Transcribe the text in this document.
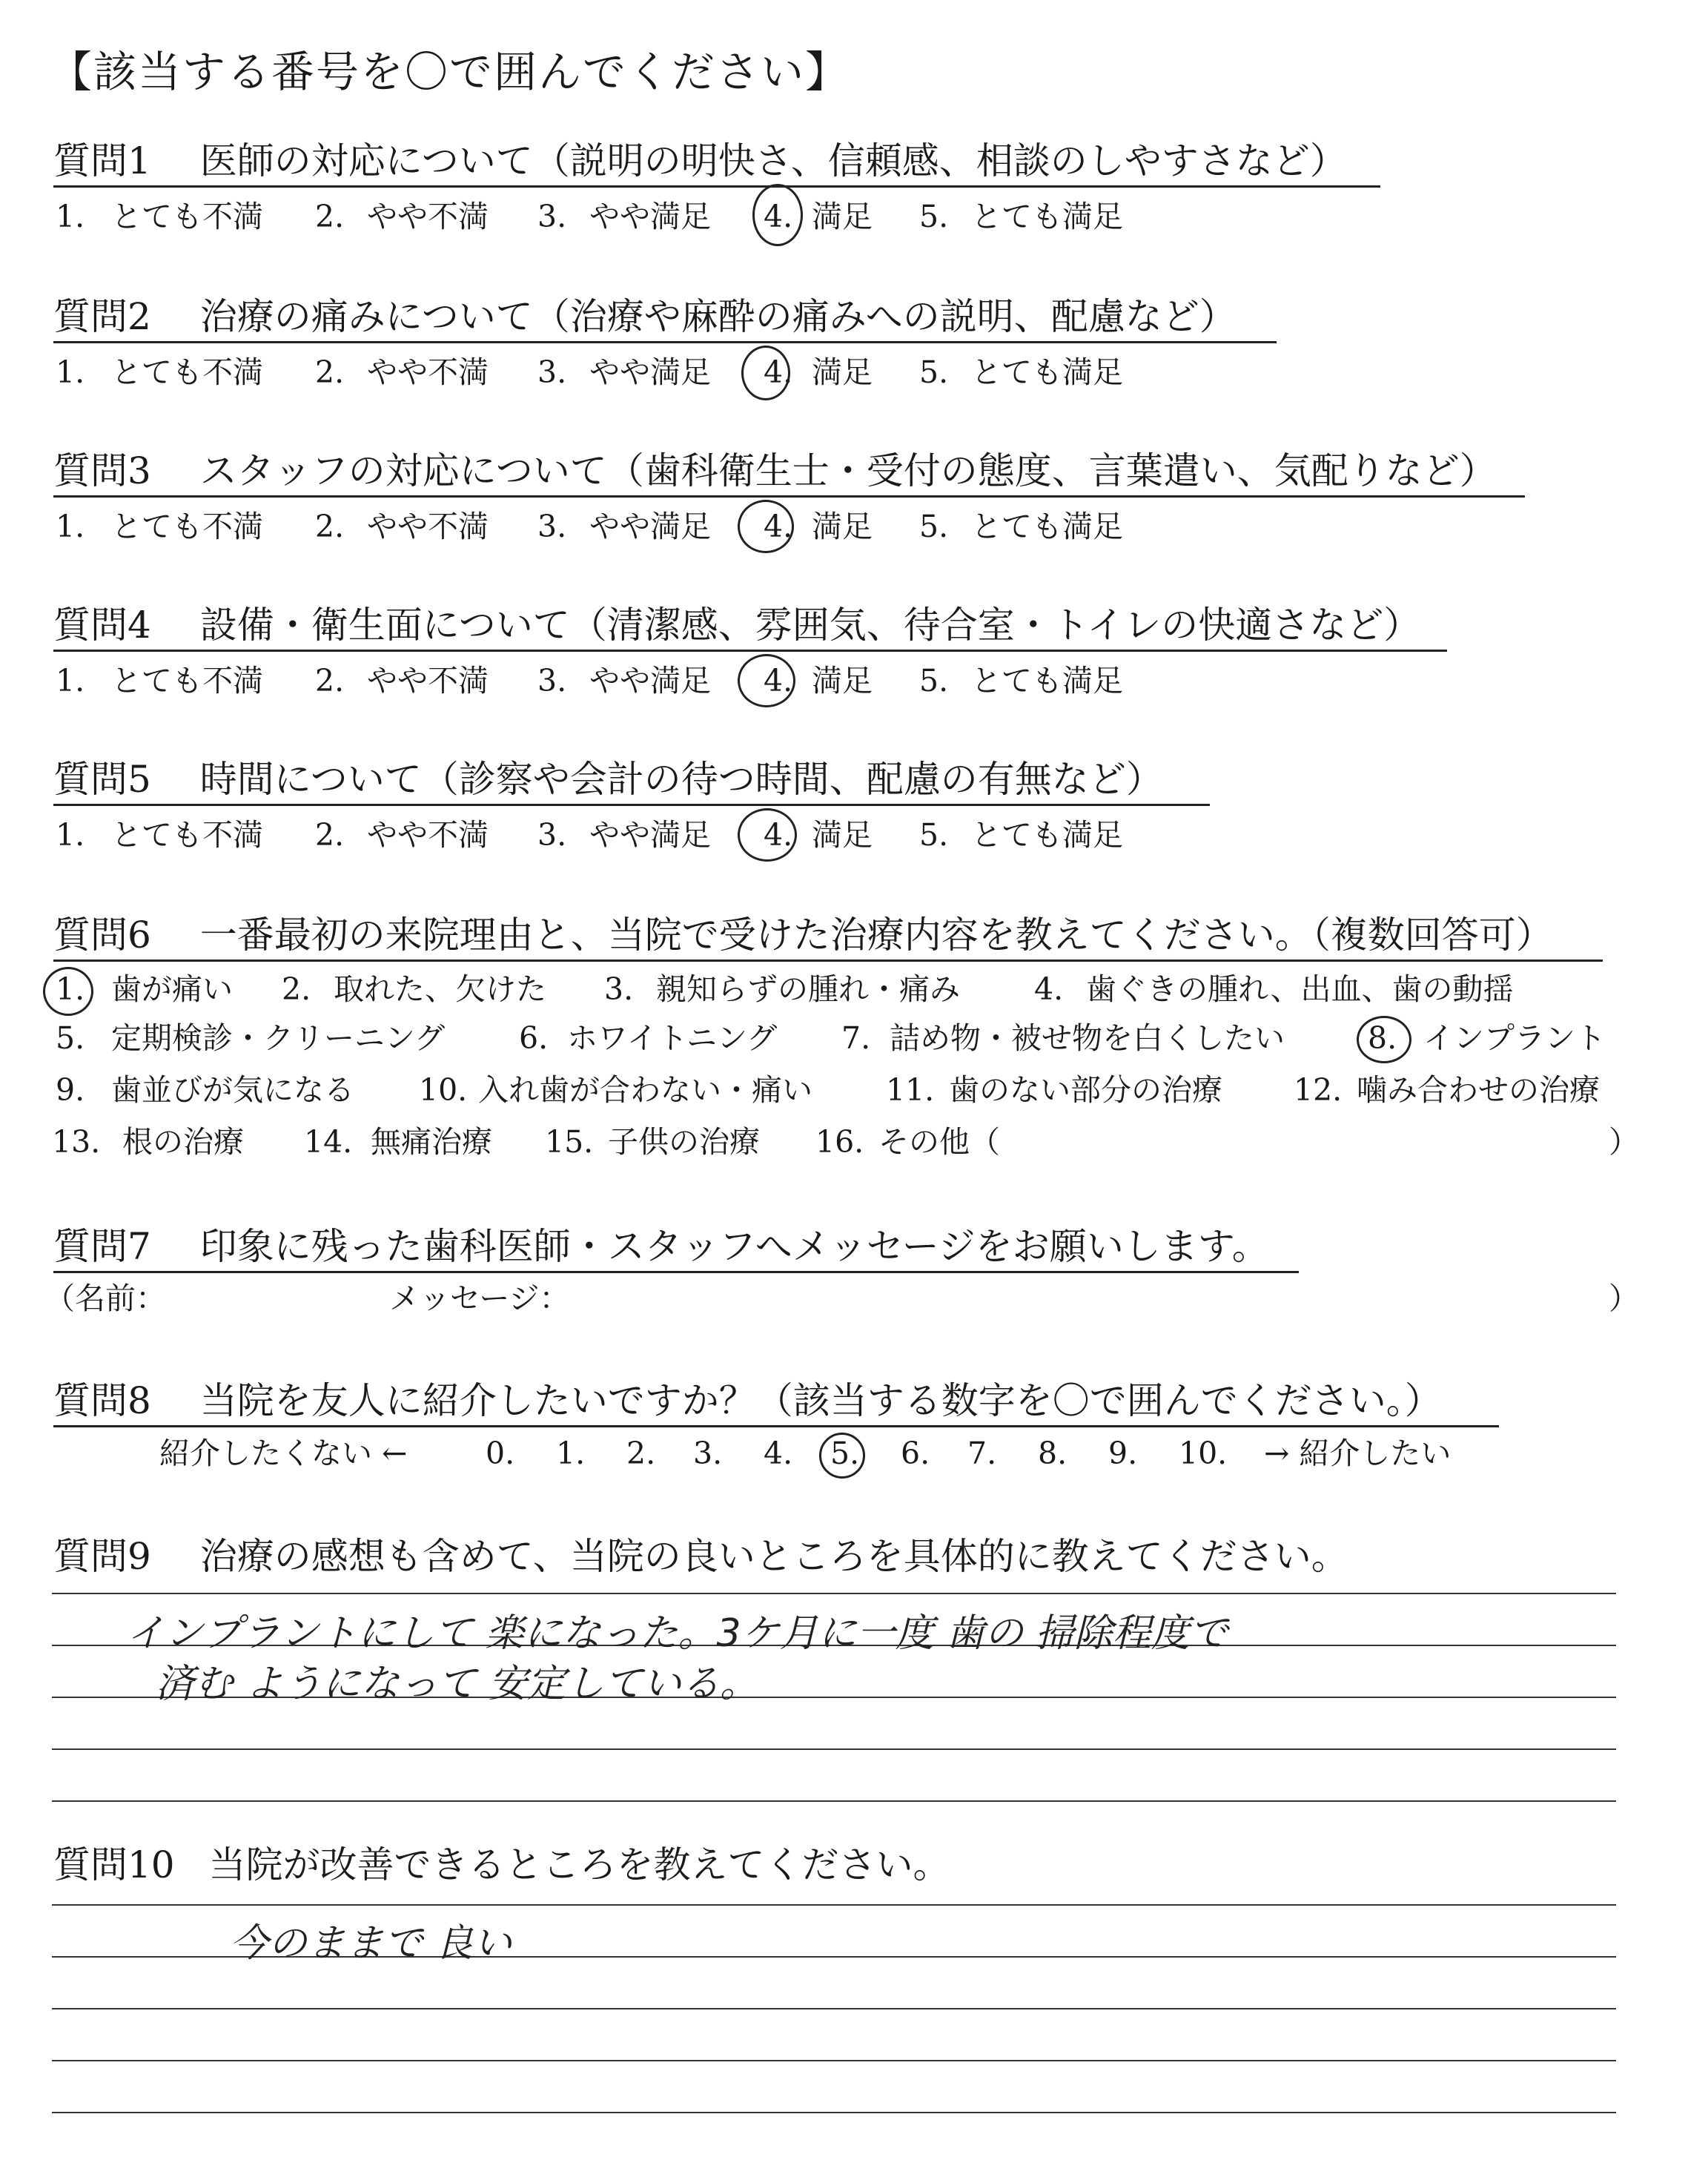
【該当する番号を〇で囲んでください】
質問1 医師の対応について（説明の明快さ、信頼感、相談のしやすさなど）
1. とても不満 2. やや不満 3. やや満足 4. 満足 5. とても満足
質問2 治療の痛みについて（治療や麻酔の痛みへの説明、配慮など）
1. とても不満 2. やや不満 3. やや満足 4. 満足 5. とても満足
質問3 スタッフの対応について（歯科衛生士・受付の態度、言葉遣い、気配りなど）
1. とても不満 2. やや不満 3. やや満足 4. 満足 5. とても満足
質問4 設備・衛生面について（清潔感、雰囲気、待合室・トイレの快適さなど）
1. とても不満 2. やや不満 3. やや満足 4. 満足 5. とても満足
質問5 時間について（診察や会計の待つ時間、配慮の有無など）
1. とても不満 2. やや不満 3. やや満足 4. 満足 5. とても満足
質問6 一番最初の来院理由と、当院で受けた治療内容を教えてください。（複数回答可）
1. 歯が痛い 2. 取れた、欠けた 3. 親知らずの腫れ・痛み 4. 歯ぐきの腫れ、出血、歯の動揺
5. 定期検診・クリーニング 6. ホワイトニング 7. 詰め物・被せ物を白くしたい	8. インプラント
9. 歯並びが気になる 10. 入れ歯が合わない・痛い 11. 歯のない部分の治療 12. 噛み合わせの治療
13. 根の治療 14. 無痛治療 15. 子供の治療 16. その他（	）
質問7 印象に残った歯科医師・スタッフへメッセージをお願いします。
（名前：	メッセージ：	）
質問8 当院を友人に紹介したいですか？（該当する数字を〇で囲んでください。）
紹介したくない ←	0. 1. 2. 3. 4. 5. 6. 7. 8. 9. 10. → 紹介したい
質問9 治療の感想も含めて、当院の良いところを具体的に教えてください。
インプラントにして 楽になった。3ケ月に一度 歯の 掃除程度で
済む ようになって 安定している。
質問10 当院が改善できるところを教えてください。
今のままで 良い
